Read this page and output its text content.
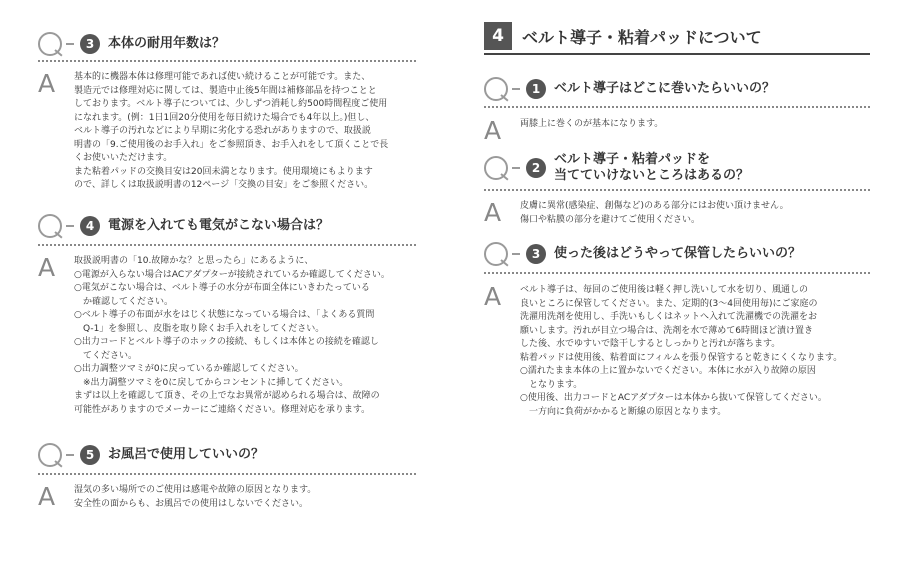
3	本体の耐用年数は？
A 基本的に機器本体は修理可能であれば使い続けることが可能です。また、
製造元では修理対応に関しては、製造中止後5年間は補修部品を持つことと
しております。ベルト導子については、少しずつ消耗し約500時間程度ご使用
になれます。(例：1日1回20分使用を毎日続けた場合でも4年以上。)但し、
ベルト導子の汚れなどにより早期に劣化する恐れがありますので、取扱説
明書の「9.ご使用後のお手入れ」をご参照頂き、お手入れをして頂くことで長
くお使いいただけます。
また粘着パッドの交換目安は20回未満となります。使用環境にもよります
ので、詳しくは取扱説明書の12ページ「交換の目安」をご参照ください。
4	電源を入れても電気がこない場合は？
A 取扱説明書の「10.故障かな？と思ったら」にあるように、
○電源が入らない場合はACアダプターが接続されているか確認してください。
○電気がこない場合は、ベルト導子の水分が布面全体にいきわたっている
　か確認してください。
○ベルト導子の布面が水をはじく状態になっている場合は、「よくある質問
　Q-1」を参照し、皮脂を取り除くお手入れをしてください。
○出力コードとベルト導子のホックの接続、もしくは本体との接続を確認し
　てください。
○出力調整ツマミが0に戻っているか確認してください。
　※出力調整ツマミを0に戻してからコンセントに挿してください。
まずは以上を確認して頂き、その上でなお異常が認められる場合は、故障の
可能性がありますのでメーカーにご連絡ください。修理対応を承ります。
5	お風呂で使用していいの？
A 湿気の多い場所でのご使用は感電や故障の原因となります。
安全性の面からも、お風呂での使用はしないでください。
4	ベルト導子・粘着パッドについて
1	ベルト導子はどこに巻いたらいいの？
A 両膝上に巻くのが基本になります。
2
ベルト導子・粘着パッドを
当てていけないところはあるの？
A 皮膚に異常(感染症、創傷など)のある部分にはお使い頂けません。
傷口や粘膜の部分を避けてご使用ください。
3	使った後はどうやって保管したらいいの？
A ベルト導子は、毎回のご使用後は軽く押し洗いして水を切り、風通しの
良いところに保管してください。また、定期的(3～4回使用毎)にご家庭の
洗濯用洗剤を使用し、手洗いもしくはネットへ入れて洗濯機での洗濯をお
願いします。汚れが目立つ場合は、洗剤を水で薄めて6時間ほど漬け置き
した後、水でゆすいで陰干しするとしっかりと汚れが落ちます。
粘着パッドは使用後、粘着面にフィルムを張り保管すると乾きにくくなります。
○濡れたまま本体の上に置かないでください。本体に水が入り故障の原因
　となります。
○使用後、出力コードとACアダプターは本体から抜いて保管してください。
　一方向に負荷がかかると断線の原因となります。
